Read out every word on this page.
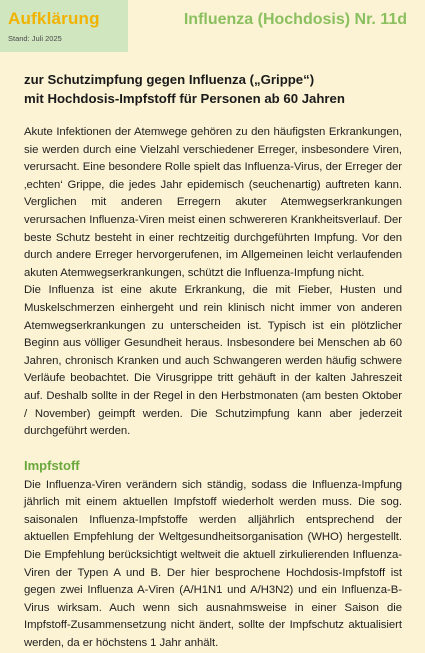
Aufklärung
Stand: Juli 2025
Influenza (Hochdosis) Nr. 11d
zur Schutzimpfung gegen Influenza („Grippe“)
mit Hochdosis-Impfstoff für Personen ab 60 Jahren

Akute Infektionen der Atemwege gehören zu den häufigsten Erkrankungen, sie werden durch eine Vielzahl verschiedener Erreger, insbesondere Viren, verursacht. Eine besondere Rolle spielt das Influenza-Virus, der Erreger der ‚echten‘ Grippe, die jedes Jahr epidemisch (seuchenartig) auftreten kann. Verglichen mit anderen Erregern akuter Atemwegserkrankungen verursachen Influenza-Viren meist einen schwereren Krankheitsverlauf. Der beste Schutz besteht in einer rechtzeitig durchgeführten Impfung. Vor den durch andere Erreger hervorgerufenen, im Allgemeinen leicht verlaufenden akuten Atemwegserkrankungen, schützt die Influenza-Impfung nicht.

Die Influenza ist eine akute Erkrankung, die mit Fieber, Husten und Muskelschmerzen einhergeht und rein klinisch nicht immer von anderen Atemwegserkrankungen zu unterscheiden ist. Typisch ist ein plötzlicher Beginn aus völliger Gesundheit heraus. Insbesondere bei Menschen ab 60 Jahren, chronisch Kranken und auch Schwangeren werden häufig schwere Verläufe beobachtet. Die Virusgrippe tritt gehäuft in der kalten Jahreszeit auf. Deshalb sollte in der Regel in den Herbstmonaten (am besten Oktober / November) geimpft werden. Die Schutzimpfung kann aber jederzeit durchgeführt werden.

Impfstoff

Die Influenza-Viren verändern sich ständig, sodass die Influenza-Impfung jährlich mit einem aktuellen Impfstoff wiederholt werden muss. Die sog. saisonalen Influenza-Impfstoffe werden alljährlich entsprechend der aktuellen Empfehlung der Weltgesundheitsorganisation (WHO) hergestellt. Die Empfehlung berücksichtigt weltweit die aktuell zirkulierenden Influenza-Viren der Typen A und B. Der hier besprochene Hochdosis-Impfstoff ist gegen zwei Influenza A-Viren (A/H1N1 und A/H3N2) und ein Influenza-B-Virus wirksam. Auch wenn sich ausnahmsweise in einer Saison die Impfstoff-Zusammensetzung nicht ändert, sollte der Impfschutz aktualisiert werden, da er höchstens 1 Jahr anhält.
